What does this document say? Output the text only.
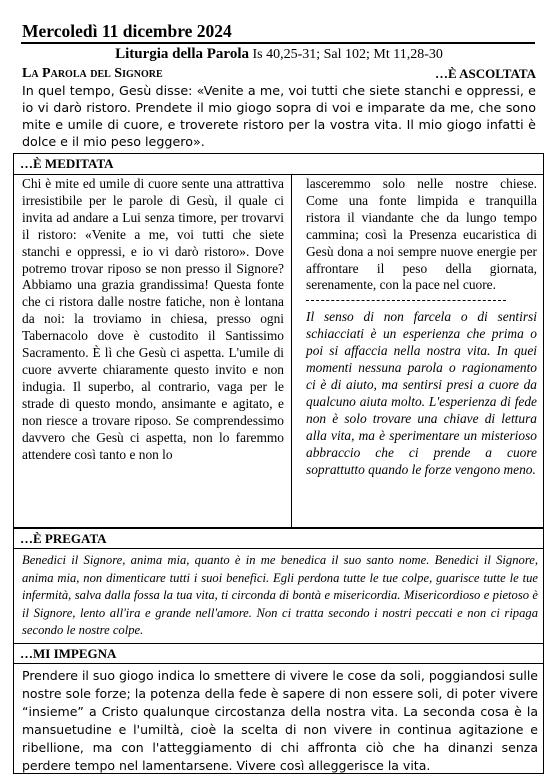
Mercoledì 11 dicembre 2024
Liturgia della Parola Is 40,25-31; Sal 102; Mt 11,28-30
La Parola del Signore	…È ASCOLTATA
In quel tempo, Gesù disse: «Venite a me, voi tutti che siete stanchi e oppressi, e io vi darò ristoro. Prendete il mio giogo sopra di voi e imparate da me, che sono mite e umile di cuore, e troverete ristoro per la vostra vita. Il mio giogo infatti è dolce e il mio peso leggero».
…È MEDITATA
Chi è mite ed umile di cuore sente una attrattiva irresistibile per le parole di Gesù, il quale ci invita ad andare a Lui senza timore, per trovarvi il ristoro: «Venite a me, voi tutti che siete stanchi e oppressi, e io vi darò ristoro». Dove potremo trovar riposo se non presso il Signore? Abbiamo una grazia grandissima! Questa fonte che ci ristora dalle nostre fatiche, non è lontana da noi: la troviamo in chiesa, presso ogni Tabernacolo dove è custodito il Santissimo Sacramento. È lì che Gesù ci aspetta. L'umile di cuore avverte chiaramente questo invito e non indugia. Il superbo, al contrario, vaga per le strade di questo mondo, ansimante e agitato, e non riesce a trovare riposo. Se comprendessimo davvero che Gesù ci aspetta, non lo faremmo attendere così tanto e non lo
lasceremmo solo nelle nostre chiese. Come una fonte limpida e tranquilla ristora il viandante che da lungo tempo cammina; così la Presenza eucaristica di Gesù dona a noi sempre nuove energie per affrontare il peso della giornata, serenamente, con la pace nel cuore.
Il senso di non farcela o di sentirsi schiacciati è un esperienza che prima o poi si affaccia nella nostra vita. In quei momenti nessuna parola o ragionamento ci è di aiuto, ma sentirsi presi a cuore da qualcuno aiuta molto. L'esperienza di fede non è solo trovare una chiave di lettura alla vita, ma è sperimentare un misterioso abbraccio che ci prende a cuore soprattutto quando le forze vengono meno.
…È PREGATA
Benedici il Signore, anima mia, quanto è in me benedica il suo santo nome. Benedici il Signore, anima mia, non dimenticare tutti i suoi benefici. Egli perdona tutte le tue colpe, guarisce tutte le tue infermità, salva dalla fossa la tua vita, ti circonda di bontà e misericordia. Misericordioso e pietoso è il Signore, lento all'ira e grande nell'amore. Non ci tratta secondo i nostri peccati e non ci ripaga secondo le nostre colpe.
…MI IMPEGNA
Prendere il suo giogo indica lo smettere di vivere le cose da soli, poggiandosi sulle nostre sole forze; la potenza della fede è sapere di non essere soli, di poter vivere “insieme” a Cristo qualunque circostanza della nostra vita. La seconda cosa è la mansuetudine e l'umiltà, cioè la scelta di non vivere in continua agitazione e ribellione, ma con l'atteggiamento di chi affronta ciò che ha dinanzi senza perdere tempo nel lamentarsene. Vivere così alleggerisce la vita.
